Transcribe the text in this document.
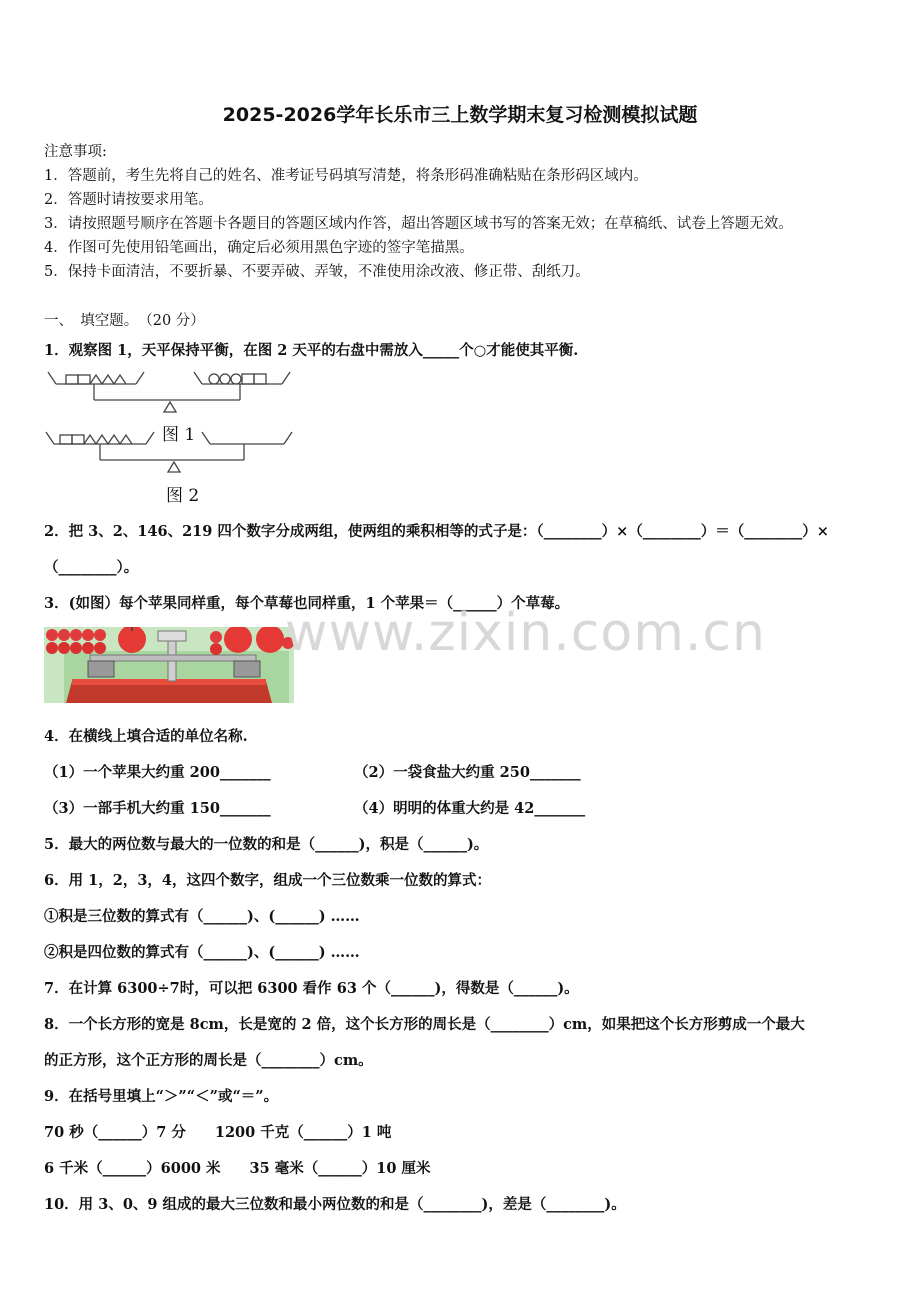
2025-2026学年长乐市三上数学期末复习检测模拟试题
注意事项:
1．答题前，考生先将自己的姓名、准考证号码填写清楚，将条形码准确粘贴在条形码区域内。
2．答题时请按要求用笔。
3．请按照题号顺序在答题卡各题目的答题区域内作答，超出答题区域书写的答案无效；在草稿纸、试卷上答题无效。
4．作图可先使用铅笔画出，确定后必须用黑色字迹的签字笔描黑。
5．保持卡面清洁，不要折暴、不要弄破、弄皱，不准使用涂改液、修正带、刮纸刀。
一、　填空题。　（20 分）
1．观察图 1，天平保持平衡，在图 2 天平的右盘中需放入_____个○才能使其平衡.
图 1
图 2
2．把 3、2、146、219 四个数字分成两组，使两组的乘积相等的式子是：（________）×（________）＝（________）×
（________）。
3．(如图）每个苹果同样重，每个草莓也同样重，1 个苹果＝（______）个草莓。
www.zixin.com.cn
4．在横线上填合适的单位名称.
（1）一个苹果大约重 200_______	（2）一袋食盐大约重 250_______
（3）一部手机大约重 150_______	（4）明明的体重大约是 42_______
5．最大的两位数与最大的一位数的和是（______)，积是（______)。
6．用 1，2，3，4，这四个数字，组成一个三位数乘一位数的算式：
①积是三位数的算式有（______)、(______) ……
②积是四位数的算式有（______)、(______) ……
7．在计算 6300÷7时，可以把 6300 看作 63 个（______)，得数是（______)。
8．一个长方形的宽是 8cm，长是宽的 2 倍，这个长方形的周长是（________）cm，如果把这个长方形剪成一个最大
的正方形，这个正方形的周长是（________）cm。
9．在括号里填上“＞”“＜”或“＝”。
70 秒（______）7 分　　1200 千克（______）1 吨
6 千米（______）6000 米　　35 毫米（______）10 厘米
10．用 3、0、9 组成的最大三位数和最小两位数的和是（________)，差是（________)。
